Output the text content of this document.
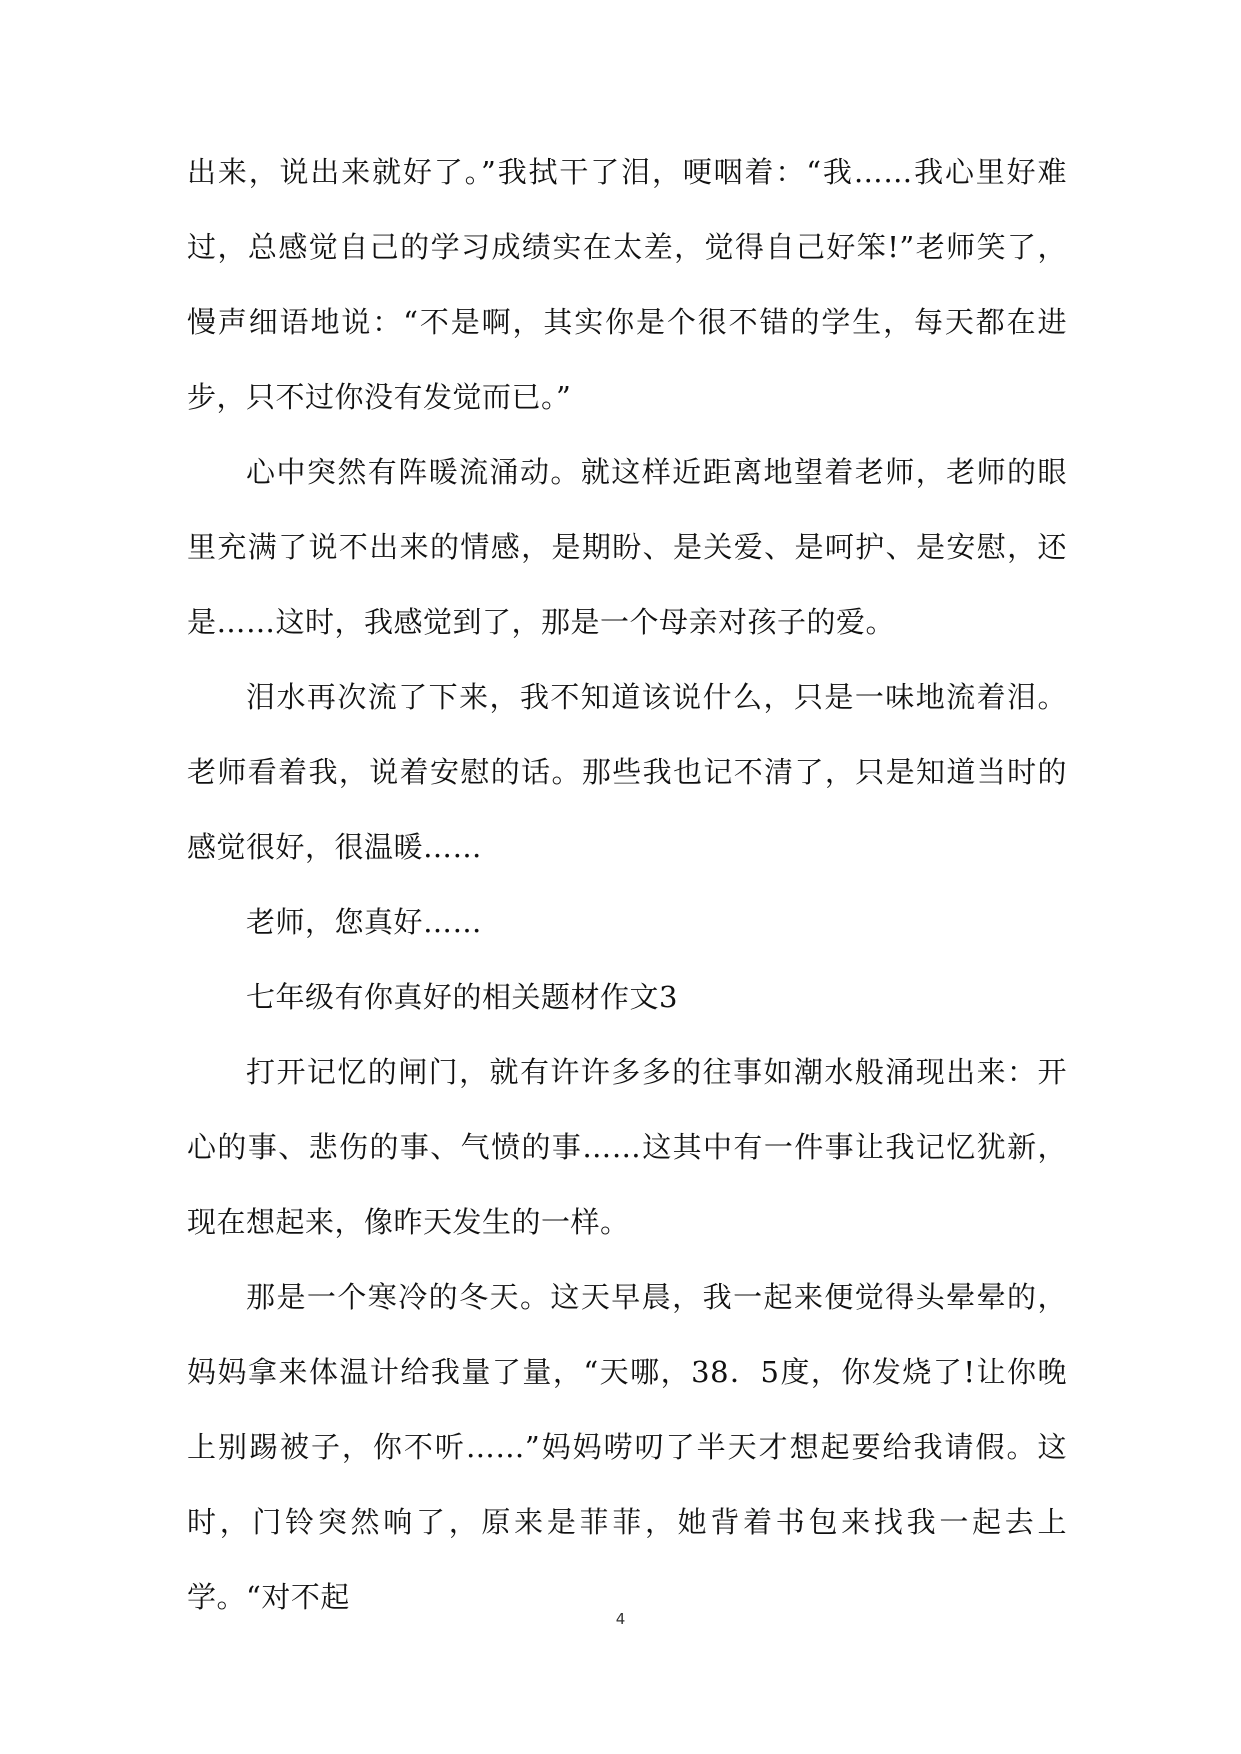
出来，说出来就好了。”我拭干了泪，哽咽着：“我……我心里好难过，总感觉自己的学习成绩实在太差，觉得自己好笨!”老师笑了，慢声细语地说：“不是啊，其实你是个很不错的学生，每天都在进步，只不过你没有发觉而已。”

心中突然有阵暖流涌动。就这样近距离地望着老师，老师的眼里充满了说不出来的情感，是期盼、是关爱、是呵护、是安慰，还是……这时，我感觉到了，那是一个母亲对孩子的爱。

泪水再次流了下来，我不知道该说什么，只是一味地流着泪。老师看着我，说着安慰的话。那些我也记不清了，只是知道当时的感觉很好，很温暖……

老师，您真好……

七年级有你真好的相关题材作文3

打开记忆的闸门，就有许许多多的往事如潮水般涌现出来：开心的事、悲伤的事、气愤的事……这其中有一件事让我记忆犹新，现在想起来，像昨天发生的一样。

那是一个寒冷的冬天。这天早晨，我一起来便觉得头晕晕的，妈妈拿来体温计给我量了量，“天哪，38．5度，你发烧了!让你晚上别踢被子，你不听……”妈妈唠叨了半天才想起要给我请假。这时，门铃突然响了，原来是菲菲，她背着书包来找我一起去上学。“对不起

4
